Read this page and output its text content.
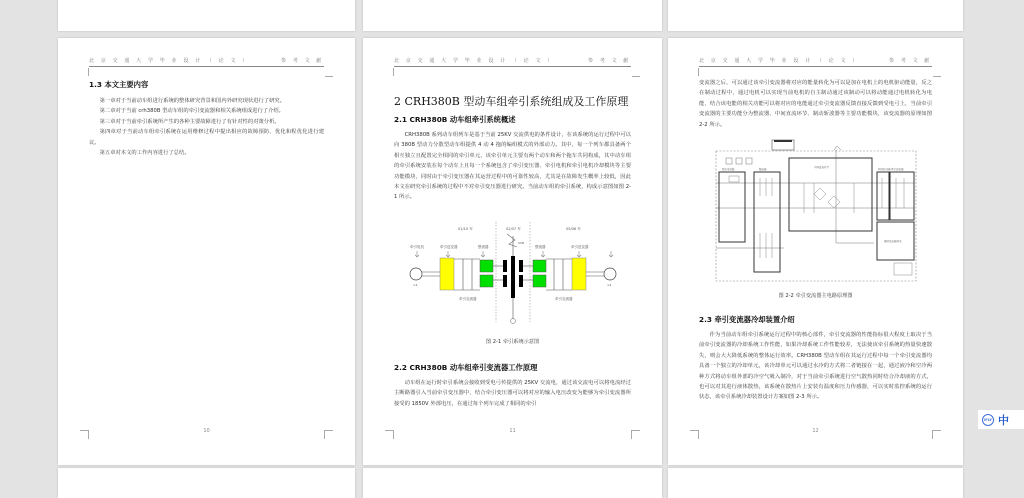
北 京 交 通 大 学 毕 业 设 计 （ 论 文 ）	参 考 文 献
1.3 本文主要内容

第一章对于当前动车组进行系统的整体研究背景和国内外研究现状进行了研究。

第二章对于当前 crh380B 型动车组的牵引变流器和相关系统组成进行了介绍。

第三章对于当前牵引系统所产生的各种主要故障进行了有针对性的对策分析。

第四章对于当前动车组牵引系统在运用维修过程中提出相应的故障预防、优化和程优化进行建议。

第五章对本文的工作内容进行了总结。

10
北 京 交 通 大 学 毕 业 设 计 （ 论 文 ）	参 考 文 献
2 CRH380B 型动车组牵引系统组成及工作原理
2.1 CRH380B 动车组牵引系统概述

CRH380B 系列动车组列车是基于当前 25KV 交流供电的条件设计，在该系统的运行过程中可以向 380B 型动力分散型动车组提供 4 动 4 拖的编组模式的外部动力。其中，每一个列车都具备两个相互独立且配置完全相同的牵引单元，该牵引单元主要有两个动车和两个拖车共同构成，其中动车组的牵引系统安装在每个动车上且每一个系统包含了牵引变压器、牵引电机和牵引电机冷却模块等主要功能模块，同时由于牵引变压器在其运营过程中的可靠性较高，尤其是在故障发生概率上较低，因此本文在研究牵引系统的过程中不对牵引变压器进行研究。当前动车组的牵引系统，构成示意图如图 2-1 所示。

01/10 车	02/07 车	05/06 车
牵引电机	牵引逆变器	整流器	整流器	牵引逆变器
×4	×4
VCB
牵引变流器	牵引变流器
图 2-1 牵引系统示意图
2.2 CRH380B 动车组牵引变流器工作原理

动车组在运行时牵引系统会接收到受电弓传提供的 25KV 交流电，通过该交流电可以将电流经过主断路器引入当前牵引变压器中，结合牵引变压器可以将对应的输入电压改变为能够为牵引变流器所接受的 1850V 外部电压，在通过每个列车完成了相同的牵引

11
北 京 交 通 大 学 毕 业 设 计 （ 论 文 ）	参 考 文 献

变流器之后，可以通过该牵引变流器将对应的能量转化为可以是加在电机上的电机驱动能量，反之在制动过程中，通过电机可以实现当前电机的自主制动通过该制动可以将动能通过电机转化为电能，结合该电能的相关功能可以将对应的电能通过牵引变流器反馈直接反馈到受电弓上，当前牵引变流器的主要功能分为整流器、中间直流环节、制动斩波器等主要功能模块，该变流器的原理如图 2-2 所示。

中间直流环节
整流器
预充电电路	制动斩波器 牵引逆变器
辅助变流器供电
图 2-2 牵引变流器主电路原理图
2.3 牵引变流器冷却装置介绍

作为当前动车组牵引系统运行过程中的核心部件，牵引变流器的性能指标很大程度上取决于当前牵引变流器的冷却系统工作性能，如果冷却系统工作性能较差，无法使该牵引系统的热量快速散失，则会大大降低系统的整体运行效率。CRH380B 型动车组在其运行过程中每一个牵引变流器均具备一个独立的冷却单元，该冷却单元可以通过水冷的方式将二者链接在一起，通过液冷和空冷两种方式将动车组外部的冷空气吸入制冷，对于当前牵引系统进行空气散热同时结合冷却液的方式，也可以对其进行液体散热，该系统在散热片上安装有温度和压力传感器，可以实时监控系统的运行状态，该牵引系统冷却装置设计方案如图 2-3 所示。

12
iFLY 中
